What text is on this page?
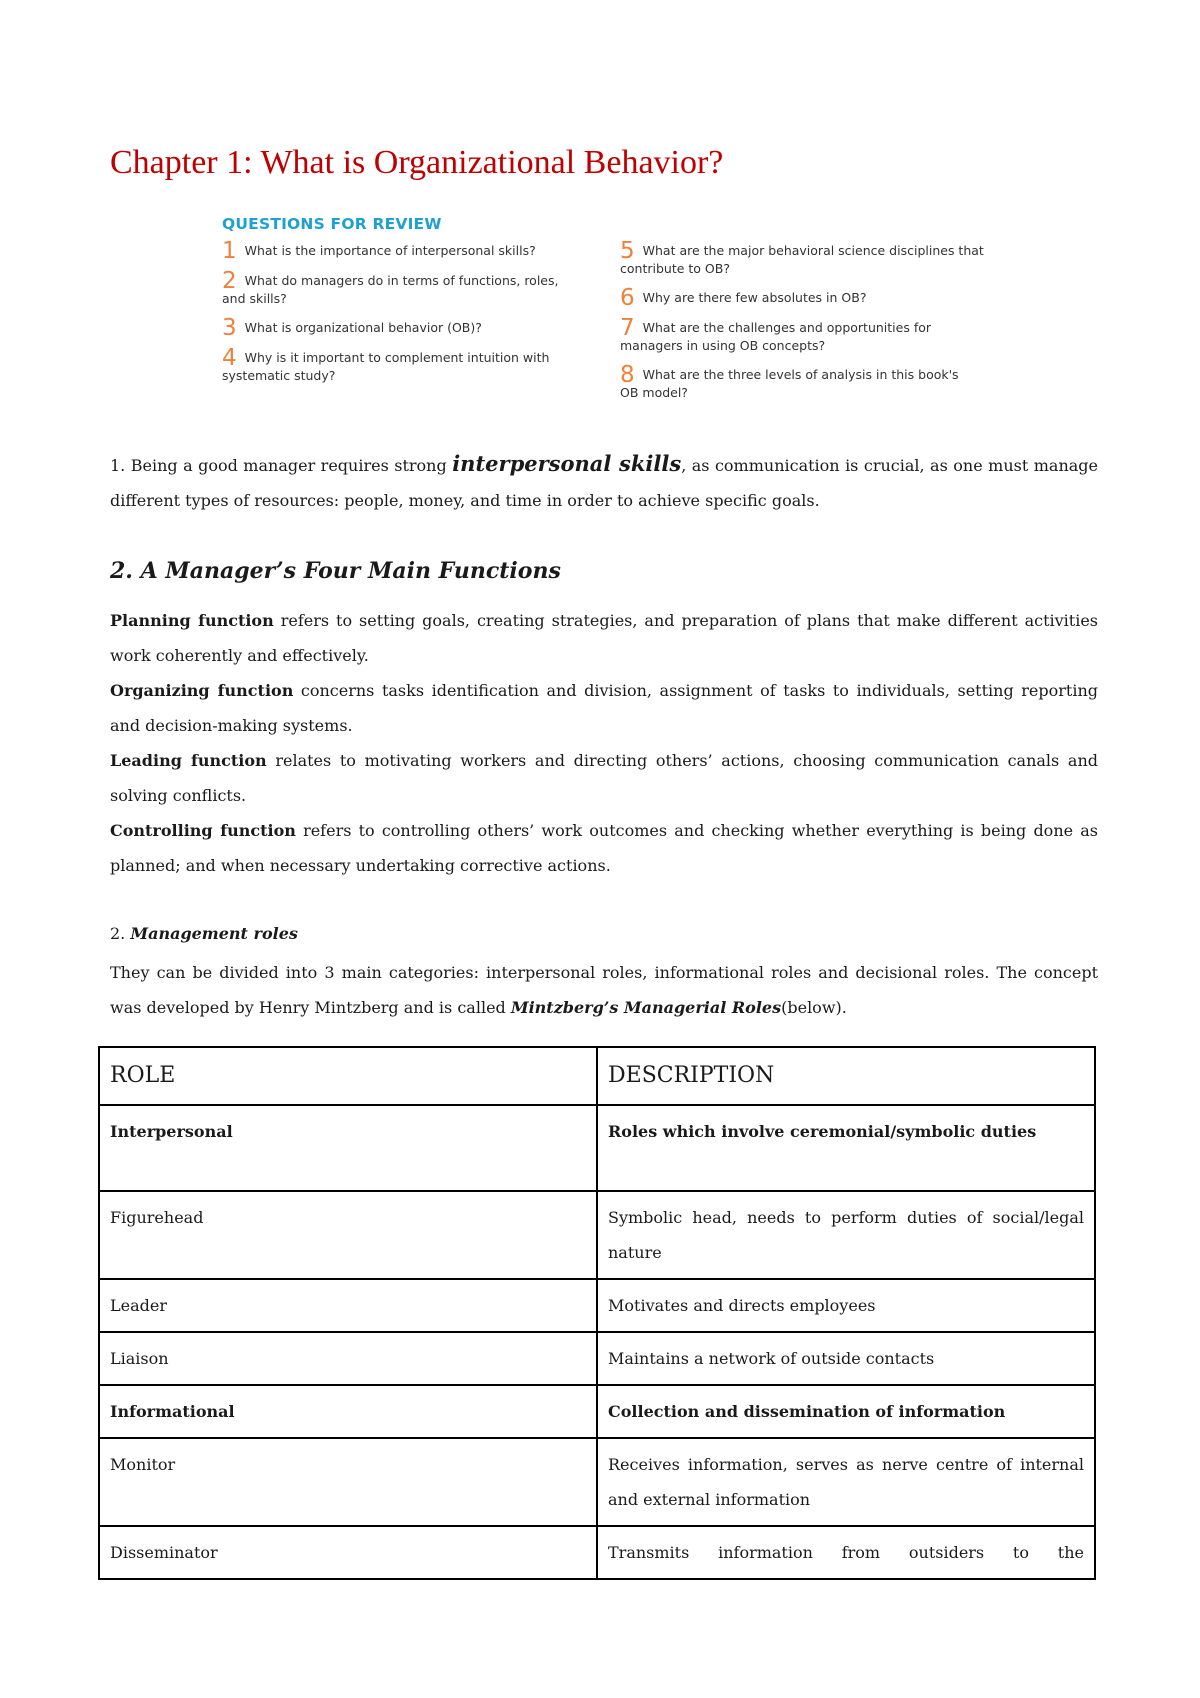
Chapter 1: What is Organizational Behavior?

QUESTIONS FOR REVIEW

1 What is the importance of interpersonal skills?
2 What do managers do in terms of functions, roles, and skills?
3 What is organizational behavior (OB)?
4 Why is it important to complement intuition with systematic study?
5 What are the major behavioral science disciplines that contribute to OB?
6 Why are there few absolutes in OB?
7 What are the challenges and opportunities for managers in using OB concepts?
8 What are the three levels of analysis in this book's OB model?

1. Being a good manager requires strong interpersonal skills, as communication is crucial, as one must manage different types of resources: people, money, and time in order to achieve specific goals.

2. A Manager’s Four Main Functions

Planning function refers to setting goals, creating strategies, and preparation of plans that make different activities work coherently and effectively.

Organizing function concerns tasks identification and division, assignment of tasks to individuals, setting reporting and decision-making systems.

Leading function relates to motivating workers and directing others’ actions, choosing communication canals and solving conflicts.

Controlling function refers to controlling others’ work outcomes and checking whether everything is being done as planned; and when necessary undertaking corrective actions.

2. Management roles

They can be divided into 3 main categories: interpersonal roles, informational roles and decisional roles. The concept was developed by Henry Mintzberg and is called Mintzberg’s Managerial Roles(below).

ROLE	DESCRIPTION
Interpersonal	Roles which involve ceremonial/symbolic duties
Figurehead	Symbolic head, needs to perform duties of social/legal nature
Leader	Motivates and directs employees
Liaison	Maintains a network of outside contacts
Informational	Collection and dissemination of information
Monitor	Receives information, serves as nerve centre of internal and external information
Disseminator	Transmits information from outsiders to the
